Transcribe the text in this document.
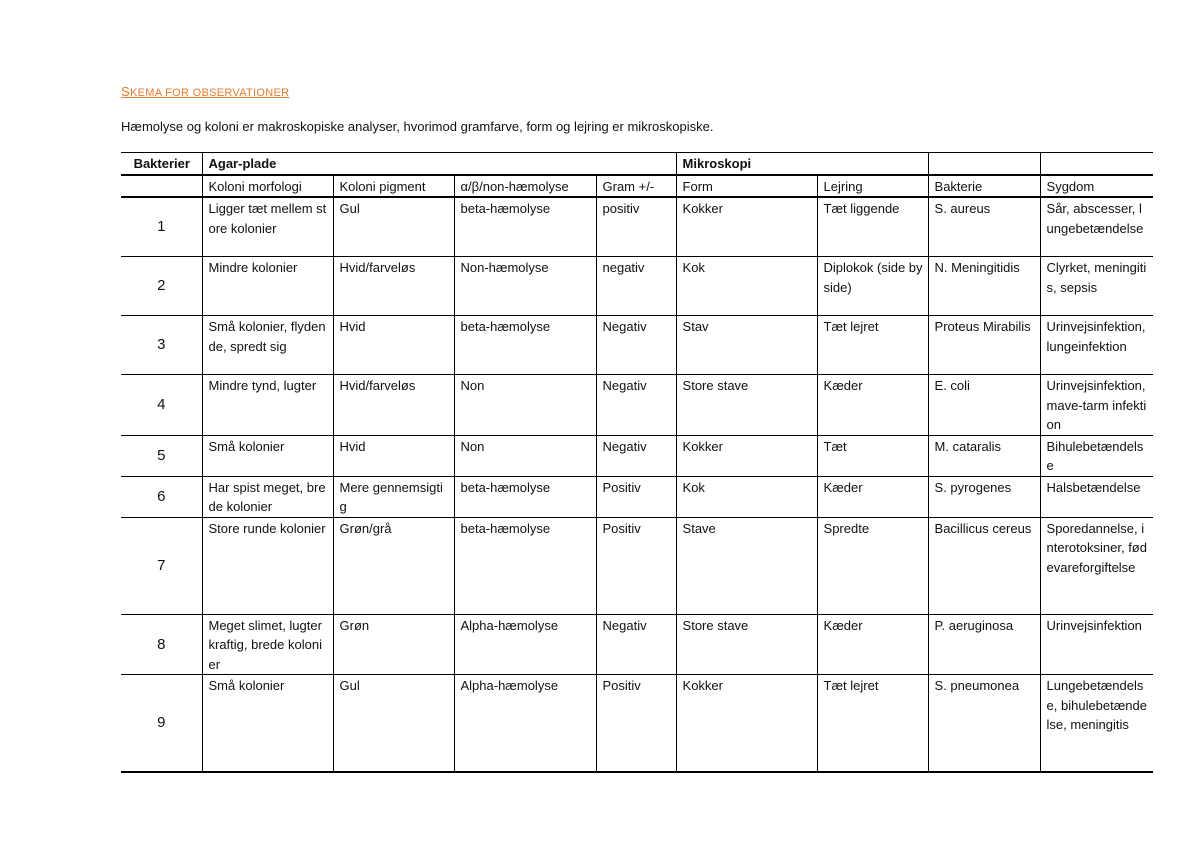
SKEMA FOR OBSERVATIONER
Hæmolyse og koloni er makroskopiske analyser, hvorimod gramfarve, form og lejring er mikroskopiske.
Bakterier	Agar-plade				Mikroskopi			
	Koloni morfologi	Koloni pigment	α/β/non-hæmolyse	Gram +/-	Form	Lejring	Bakterie	Sygdom
1	Ligger tæt mellem store kolonier	Gul	beta-hæmolyse	positiv	Kokker	Tæt liggende	S. aureus	Sår, abscesser, lungebetændelse
2	Mindre kolonier	Hvid/farveløs	Non-hæmolyse	negativ	Kok	Diplokok (side by side)	N. Meningitidis	Clyrket, meningitis, sepsis
3	Små kolonier, flydende, spredt sig	Hvid	beta-hæmolyse	Negativ	Stav	Tæt lejret	Proteus Mirabilis	Urinvejsinfektion, lungeinfektion
4	Mindre tynd, lugter	Hvid/farveløs	Non	Negativ	Store stave	Kæder	E. coli	Urinvejsinfektion, mave-tarm infektion
5	Små kolonier	Hvid	Non	Negativ	Kokker	Tæt	M. cataralis	Bihulebetændelse
6	Har spist meget, brede kolonier	Mere gennemsigtig	beta-hæmolyse	Positiv	Kok	Kæder	S. pyrogenes	Halsbetændelse
7	Store runde kolonier	Grøn/grå	beta-hæmolyse	Positiv	Stave	Spredte	Bacillicus cereus	Sporedannelse, interotoksiner, fødevareforgiftelse
8	Meget slimet, lugter kraftig, brede kolonier	Grøn	Alpha-hæmolyse	Negativ	Store stave	Kæder	P. aeruginosa	Urinvejsinfektion
9	Små kolonier	Gul	Alpha-hæmolyse	Positiv	Kokker	Tæt lejret	S. pneumonea	Lungebetændelse, bihulebetændelse, meningitis
